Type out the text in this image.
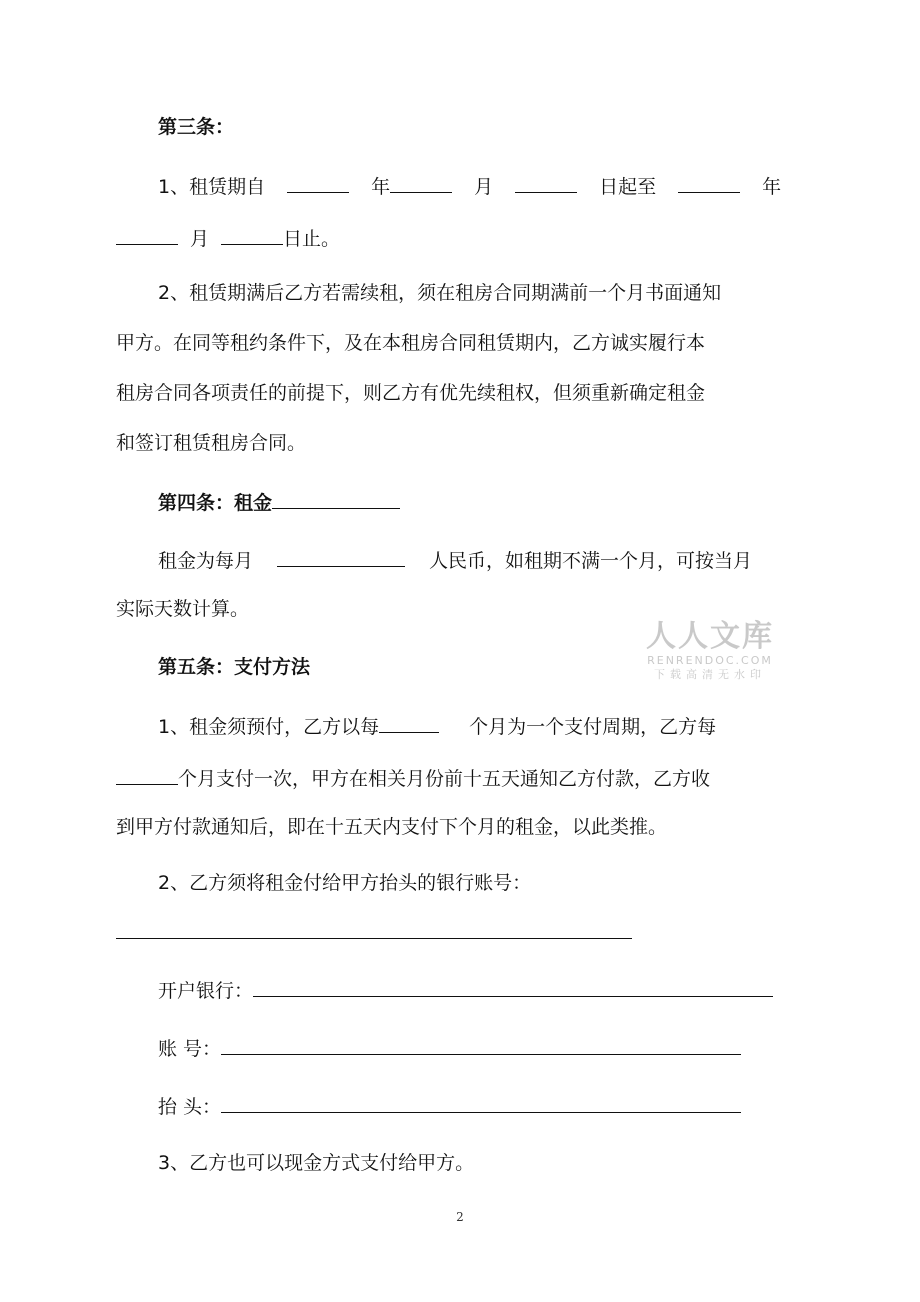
第三条：

1、租赁期自	年	月	日起至	年

月	日止。

2、租赁期满后乙方若需续租，须在租房合同期满前一个月书面通知

甲方。在同等租约条件下，及在本租房合同租赁期内，乙方诚实履行本

租房合同各项责任的前提下，则乙方有优先续租权，但须重新确定租金

和签订租赁租房合同。

第四条：租金

租金为每月	人民币，如租期不满一个月，可按当月

实际天数计算。

第五条：支付方法

1、租金须预付，乙方以每	个月为一个支付周期，乙方每

个月支付一次，甲方在相关月份前十五天通知乙方付款，乙方收

到甲方付款通知后，即在十五天内支付下个月的租金，以此类推。

2、乙方须将租金付给甲方抬头的银行账号：

开户银行：

账 号：

抬 头：

3、乙方也可以现金方式支付给甲方。

人人文库
RENRENDOC.COM
下载高清无水印
2
